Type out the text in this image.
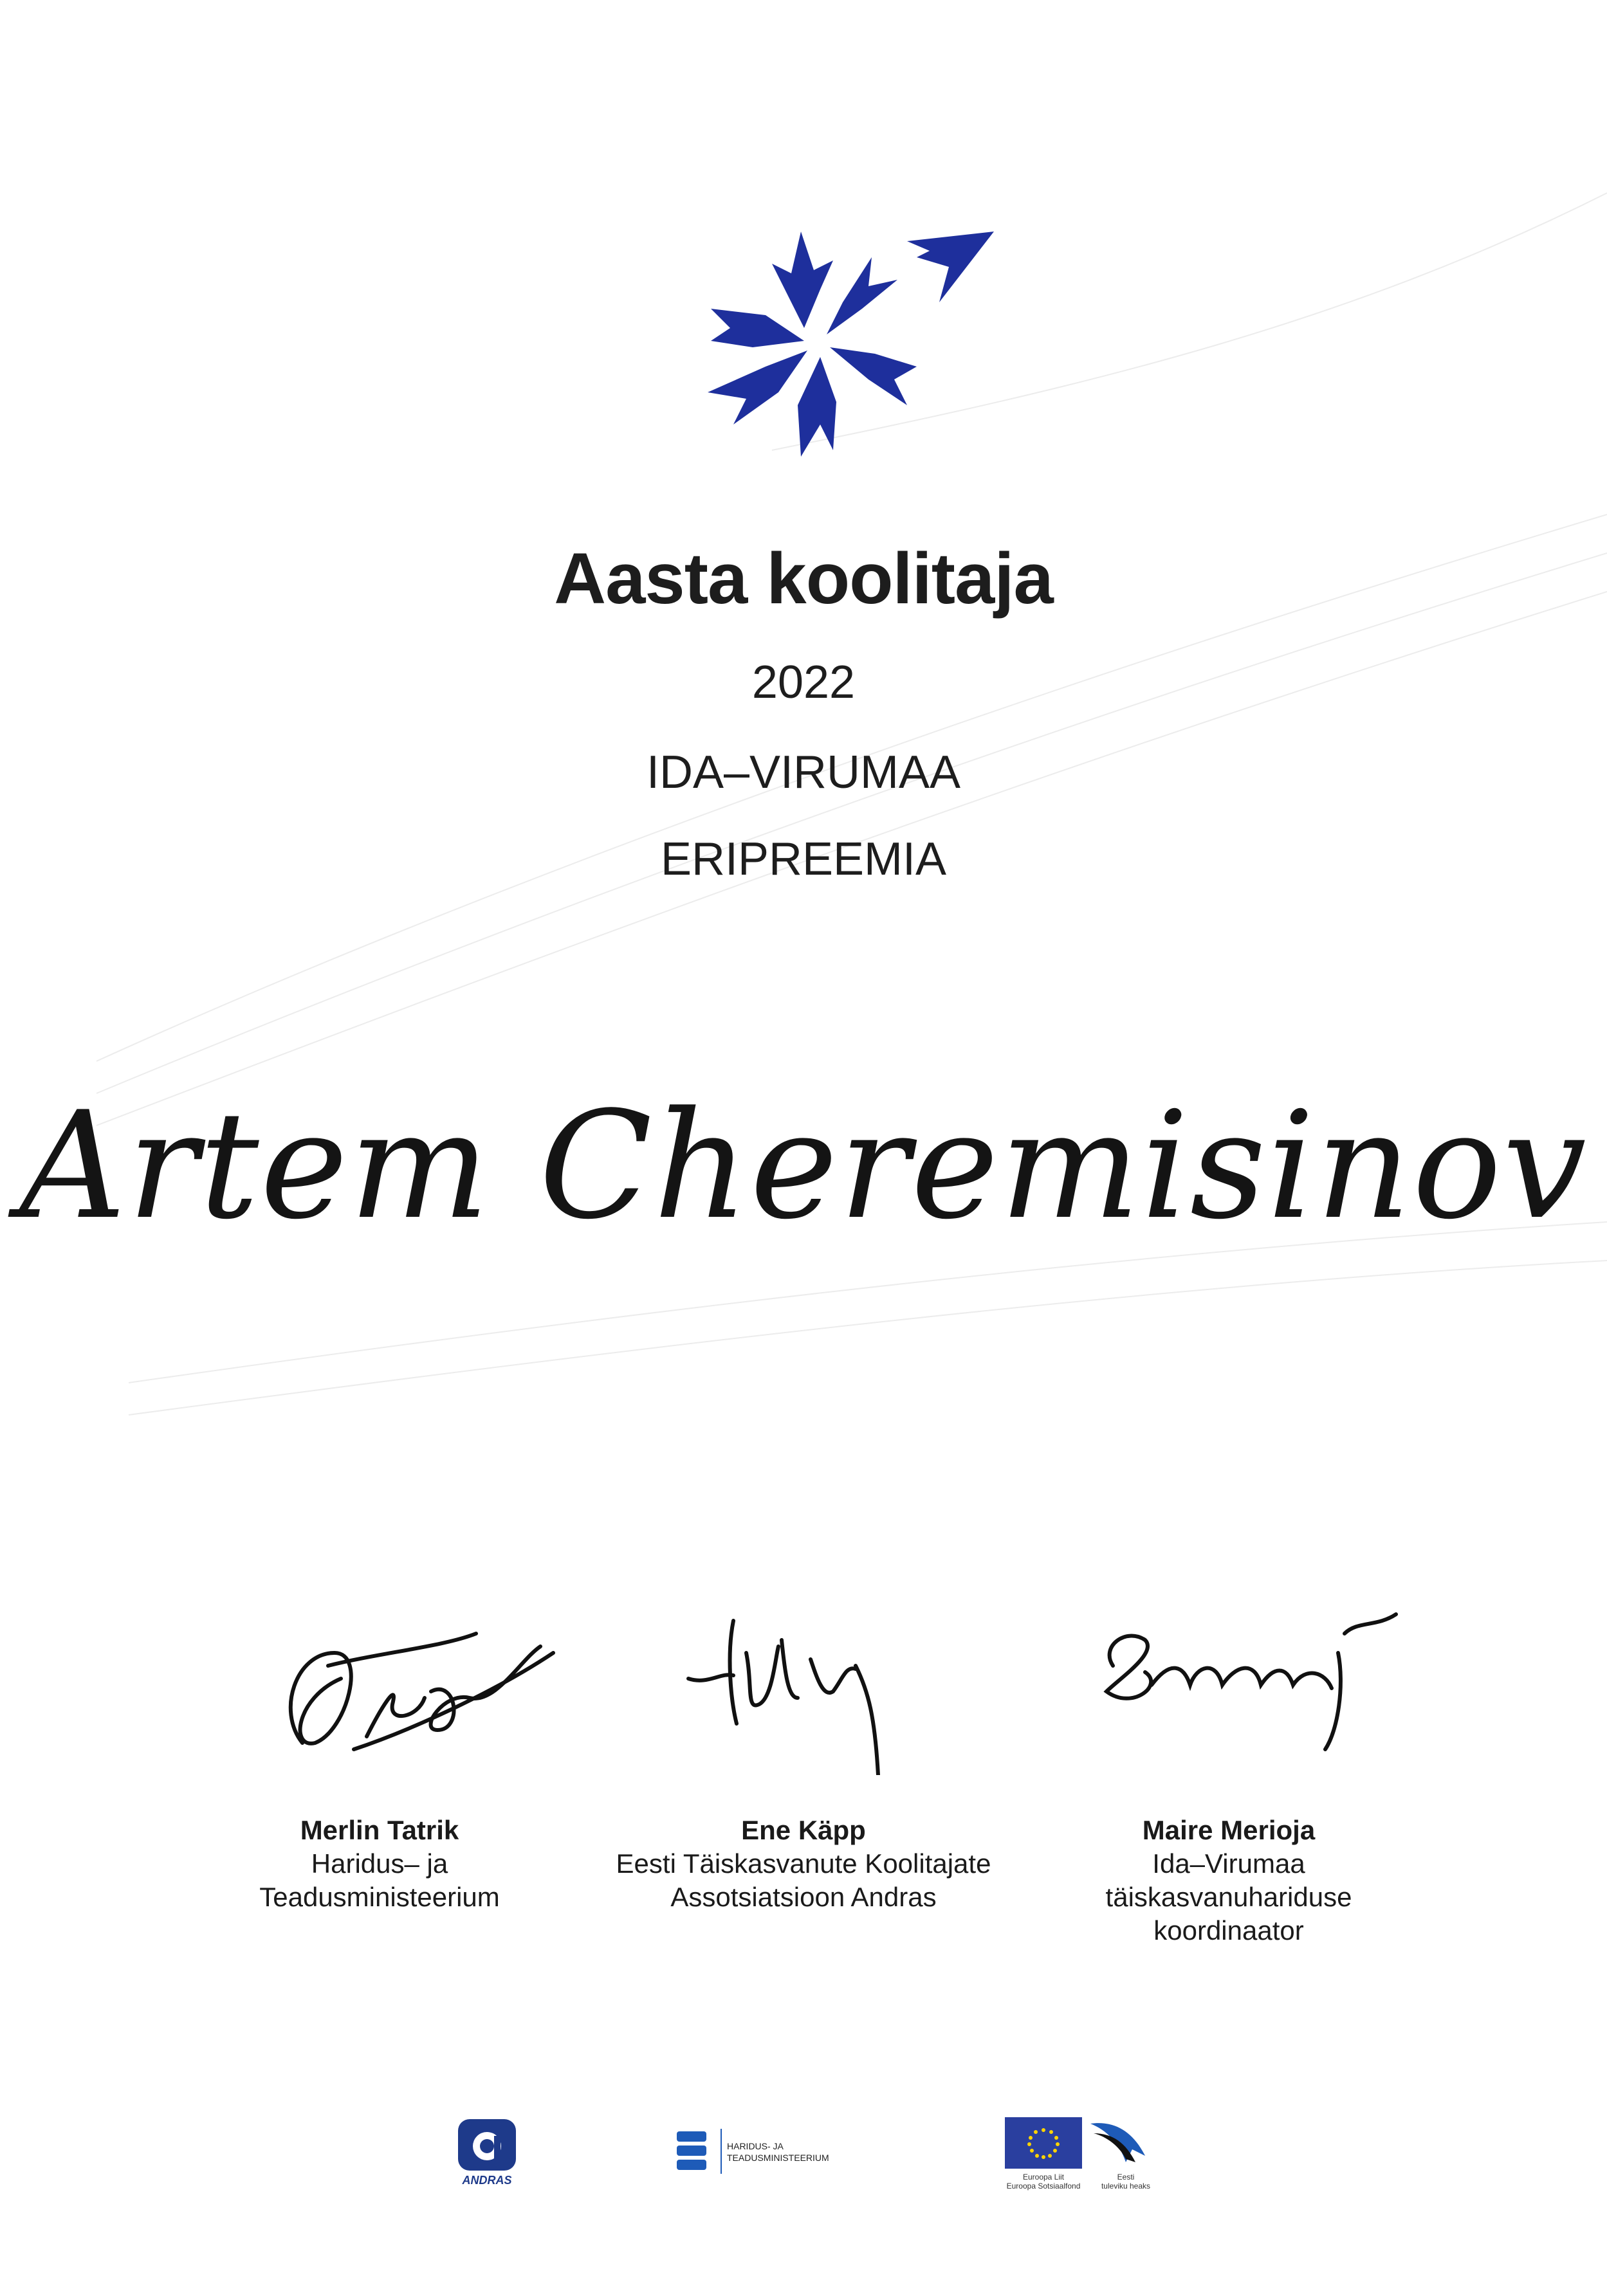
Aasta koolitaja
2022
IDA–VIRUMAA
ERIPREEMIA
Artem Cheremisinov
Merlin Tatrik
Haridus– ja
Teadusministeerium
Ene Käpp
Eesti Täiskasvanute Koolitajate
Assotsiatsioon Andras
Maire Merioja
Ida–Virumaa
täiskasvanuhariduse
koordinaator
ANDRAS
HARIDUS- JA
TEADUSMINISTEERIUM
Euroopa Liit
Euroopa Sotsiaalfond
Eesti
tuleviku heaks
